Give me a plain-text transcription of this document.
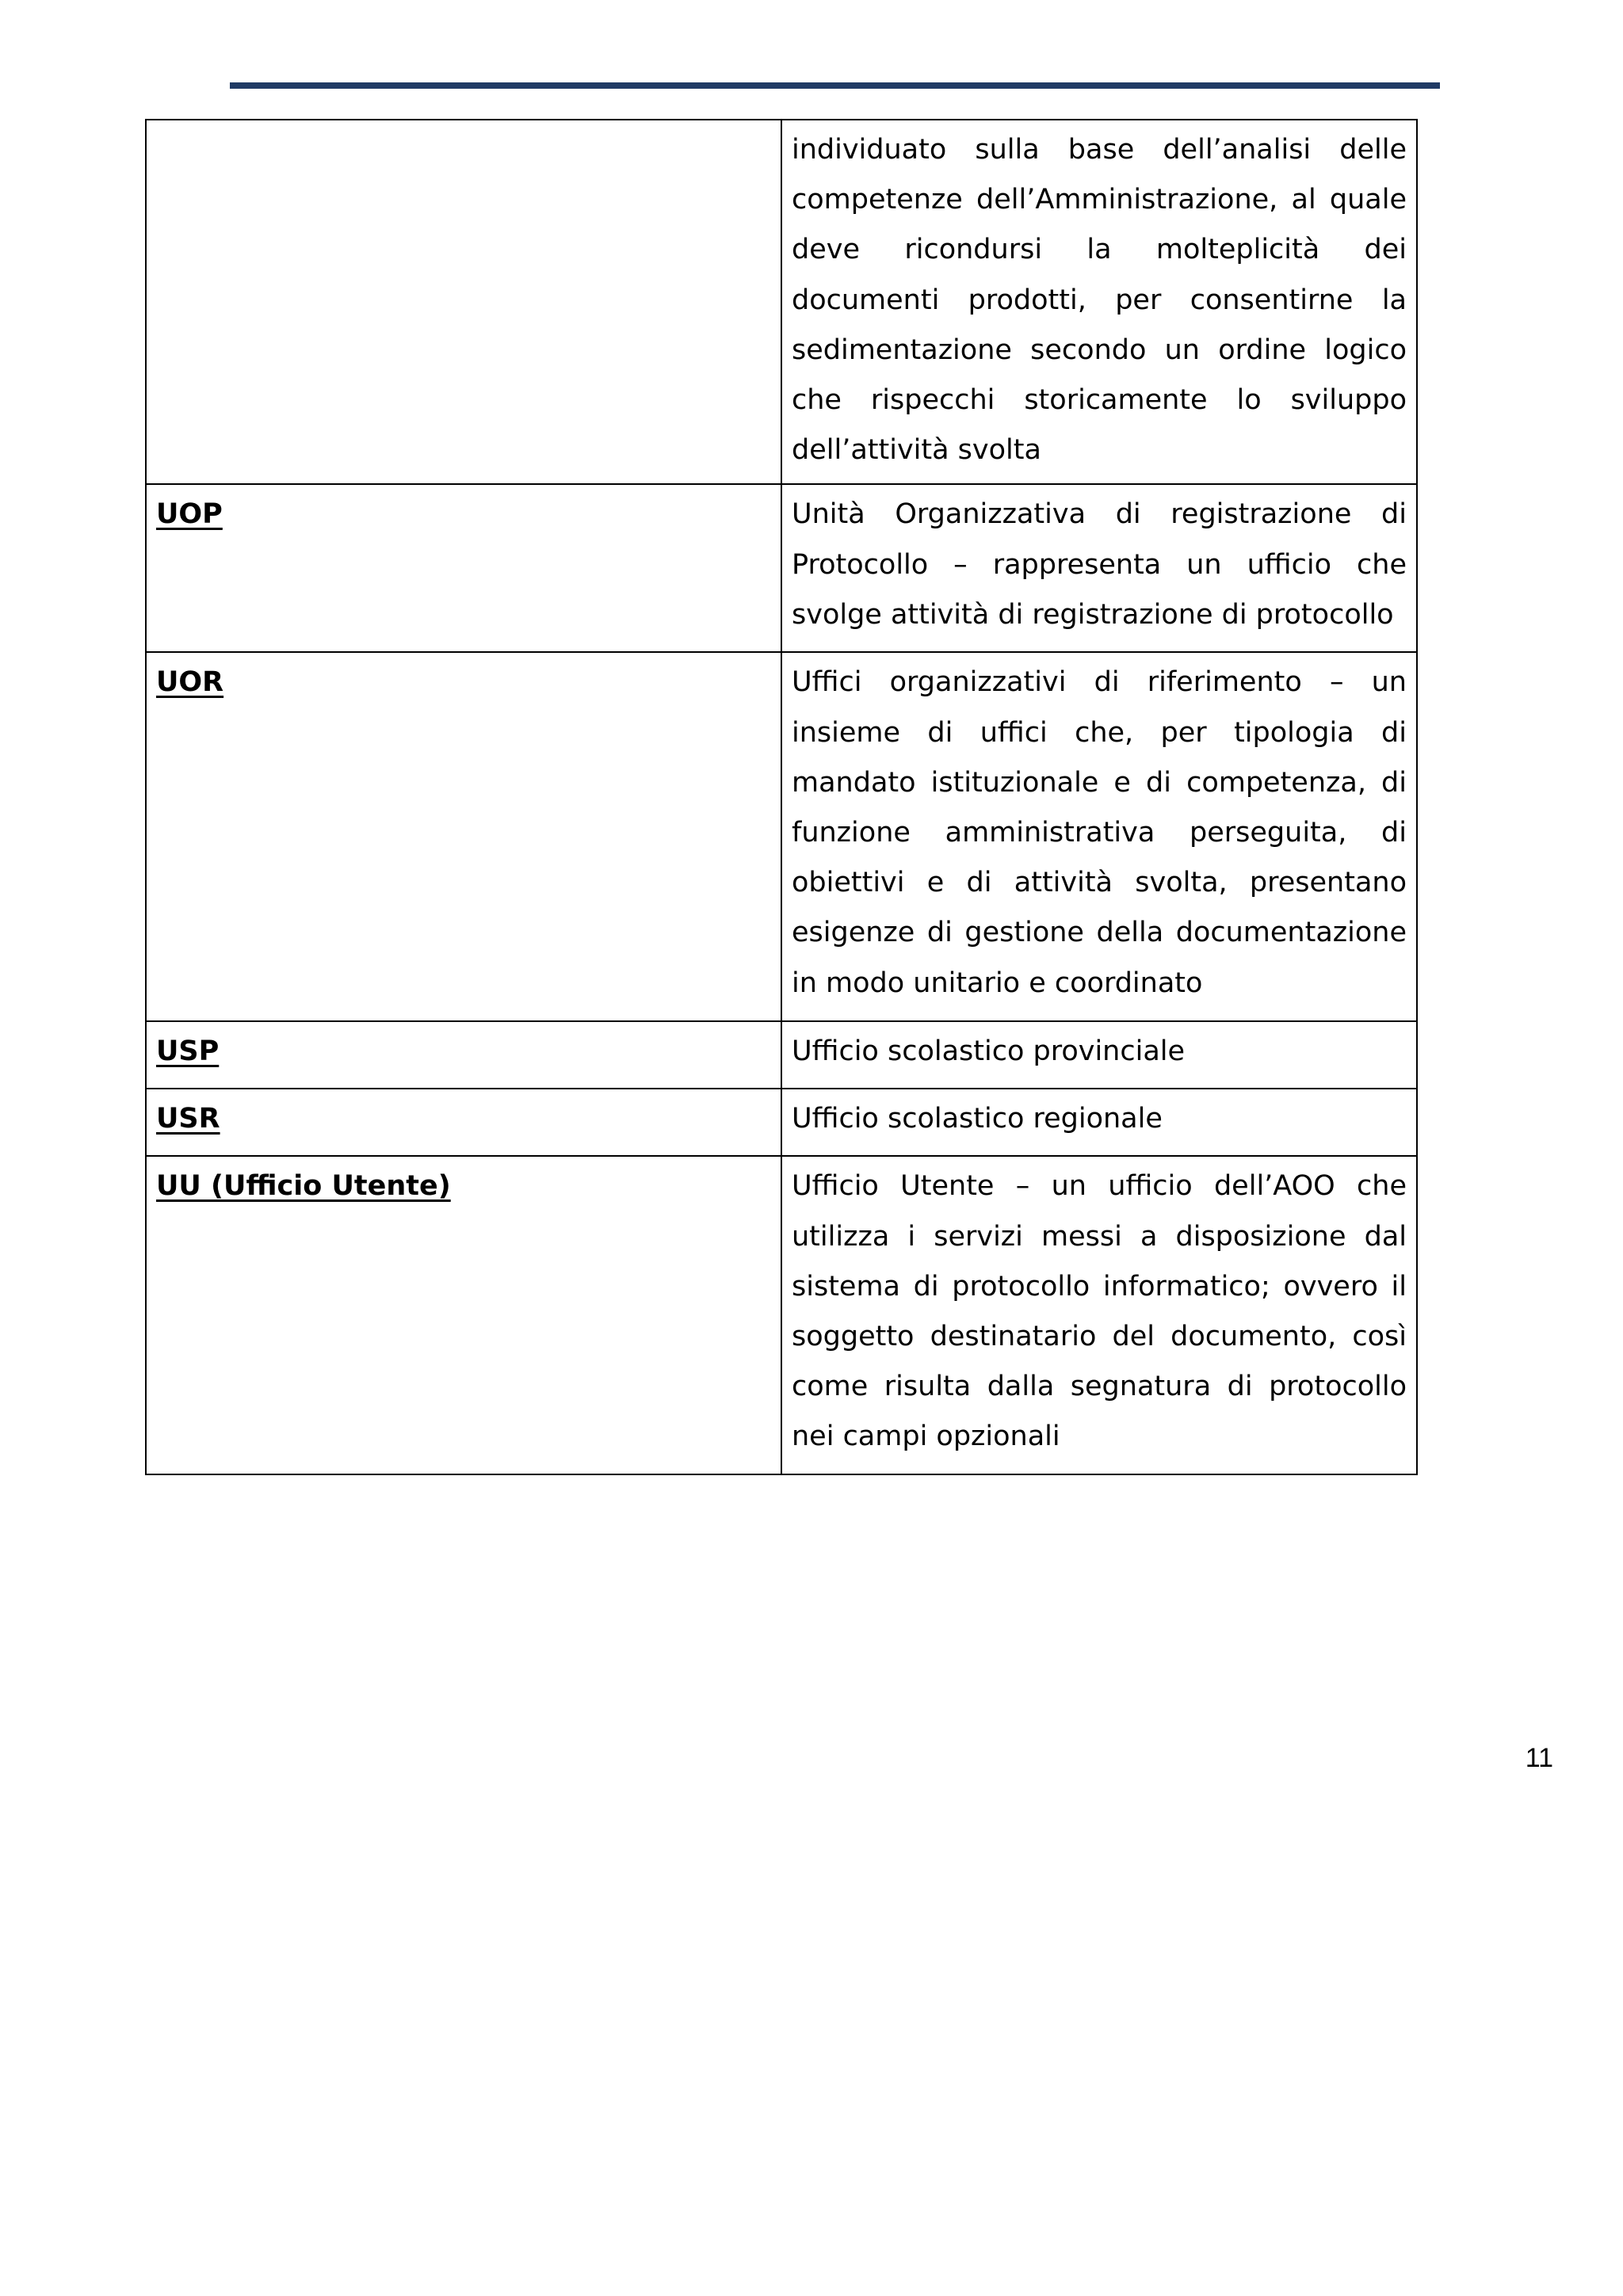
	individuato sulla base dell’analisi delle competenze dell’Amministrazione, al quale deve ricondursi la molteplicità dei documenti prodotti, per consentirne la sedimentazione secondo un ordine logico che rispecchi storicamente lo sviluppo dell’attività svolta
UOP	Unità Organizzativa di registrazione di Protocollo – rappresenta un ufficio che svolge attività di registrazione di protocollo
UOR	Uffici organizzativi di riferimento – un insieme di uffici che, per tipologia di mandato istituzionale e di competenza, di funzione amministrativa perseguita, di obiettivi e di attività svolta, presentano esigenze di gestione della documentazione in modo unitario e coordinato
USP	Ufficio scolastico provinciale
USR	Ufficio scolastico regionale
UU (Ufficio Utente)	Ufficio Utente – un ufficio dell’AOO che utilizza i servizi messi a disposizione dal sistema di protocollo informatico; ovvero il soggetto destinatario del documento, così come risulta dalla segnatura di protocollo nei campi opzionali
11
